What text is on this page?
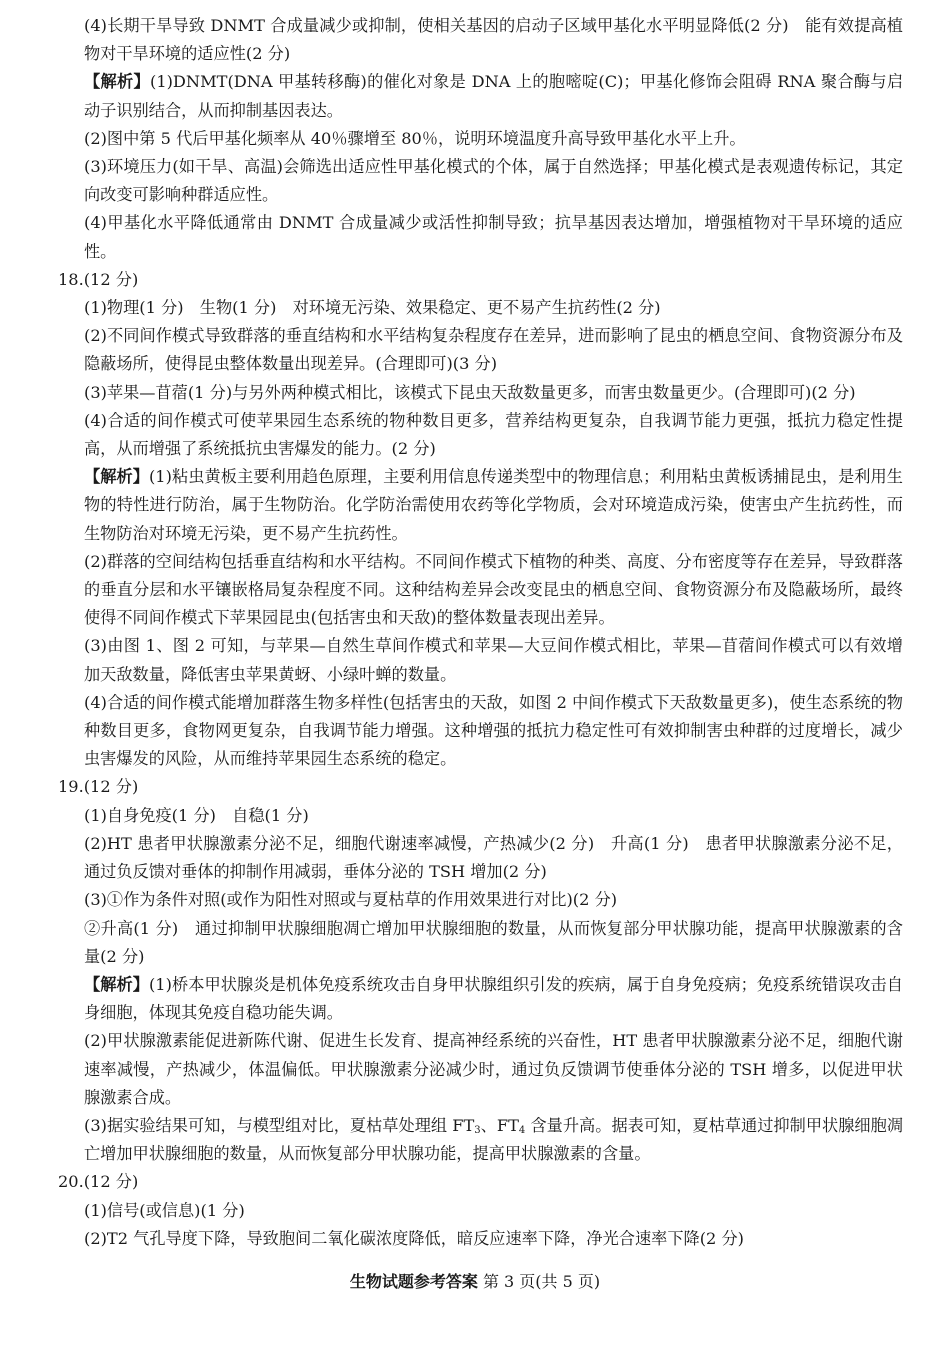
(4)长期干旱导致 DNMT 合成量减少或抑制，使相关基因的启动子区域甲基化水平明显降低(2 分)　能有效提高植物对干旱环境的适应性(2 分)

【解析】(1)DNMT(DNA 甲基转移酶)的催化对象是 DNA 上的胞嘧啶(C)；甲基化修饰会阻碍 RNA 聚合酶与启动子识别结合，从而抑制基因表达。

(2)图中第 5 代后甲基化频率从 40％骤增至 80％，说明环境温度升高导致甲基化水平上升。

(3)环境压力(如干旱、高温)会筛选出适应性甲基化模式的个体，属于自然选择；甲基化模式是表观遗传标记，其定向改变可影响种群适应性。

(4)甲基化水平降低通常由 DNMT 合成量减少或活性抑制导致；抗旱基因表达增加，增强植物对干旱环境的适应性。

18.(12 分)

(1)物理(1 分)　生物(1 分)　对环境无污染、效果稳定、更不易产生抗药性(2 分)

(2)不同间作模式导致群落的垂直结构和水平结构复杂程度存在差异，进而影响了昆虫的栖息空间、食物资源分布及隐蔽场所，使得昆虫整体数量出现差异。(合理即可)(3 分)

(3)苹果—苜蓿(1 分)与另外两种模式相比，该模式下昆虫天敌数量更多，而害虫数量更少。(合理即可)(2 分)

(4)合适的间作模式可使苹果园生态系统的物种数目更多，营养结构更复杂，自我调节能力更强，抵抗力稳定性提高，从而增强了系统抵抗虫害爆发的能力。(2 分)

【解析】(1)粘虫黄板主要利用趋色原理，主要利用信息传递类型中的物理信息；利用粘虫黄板诱捕昆虫，是利用生物的特性进行防治，属于生物防治。化学防治需使用农药等化学物质，会对环境造成污染，使害虫产生抗药性，而生物防治对环境无污染，更不易产生抗药性。

(2)群落的空间结构包括垂直结构和水平结构。不同间作模式下植物的种类、高度、分布密度等存在差异，导致群落的垂直分层和水平镶嵌格局复杂程度不同。这种结构差异会改变昆虫的栖息空间、食物资源分布及隐蔽场所，最终使得不同间作模式下苹果园昆虫(包括害虫和天敌)的整体数量表现出差异。

(3)由图 1、图 2 可知，与苹果—自然生草间作模式和苹果—大豆间作模式相比，苹果—苜蓿间作模式可以有效增加天敌数量，降低害虫苹果黄蚜、小绿叶蝉的数量。

(4)合适的间作模式能增加群落生物多样性(包括害虫的天敌，如图 2 中间作模式下天敌数量更多)，使生态系统的物种数目更多，食物网更复杂，自我调节能力增强。这种增强的抵抗力稳定性可有效抑制害虫种群的过度增长，减少虫害爆发的风险，从而维持苹果园生态系统的稳定。

19.(12 分)

(1)自身免疫(1 分)　自稳(1 分)

(2)HT 患者甲状腺激素分泌不足，细胞代谢速率减慢，产热减少(2 分)　升高(1 分)　患者甲状腺激素分泌不足，通过负反馈对垂体的抑制作用减弱，垂体分泌的 TSH 增加(2 分)

(3)①作为条件对照(或作为阳性对照或与夏枯草的作用效果进行对比)(2 分)

②升高(1 分)　通过抑制甲状腺细胞凋亡增加甲状腺细胞的数量，从而恢复部分甲状腺功能，提高甲状腺激素的含量(2 分)

【解析】(1)桥本甲状腺炎是机体免疫系统攻击自身甲状腺组织引发的疾病，属于自身免疫病；免疫系统错误攻击自身细胞，体现其免疫自稳功能失调。

(2)甲状腺激素能促进新陈代谢、促进生长发育、提高神经系统的兴奋性，HT 患者甲状腺激素分泌不足，细胞代谢速率减慢，产热减少，体温偏低。甲状腺激素分泌减少时，通过负反馈调节使垂体分泌的 TSH 增多，以促进甲状腺激素合成。

(3)据实验结果可知，与模型组对比，夏枯草处理组 $FT_3$、$FT_4$ 含量升高。据表可知，夏枯草通过抑制甲状腺细胞凋亡增加甲状腺细胞的数量，从而恢复部分甲状腺功能，提高甲状腺激素的含量。

20.(12 分)

(1)信号(或信息)(1 分)

(2)T2 气孔导度下降，导致胞间二氧化碳浓度降低，暗反应速率下降，净光合速率下降(2 分)

生物试题参考答案 第 3 页(共 5 页)
